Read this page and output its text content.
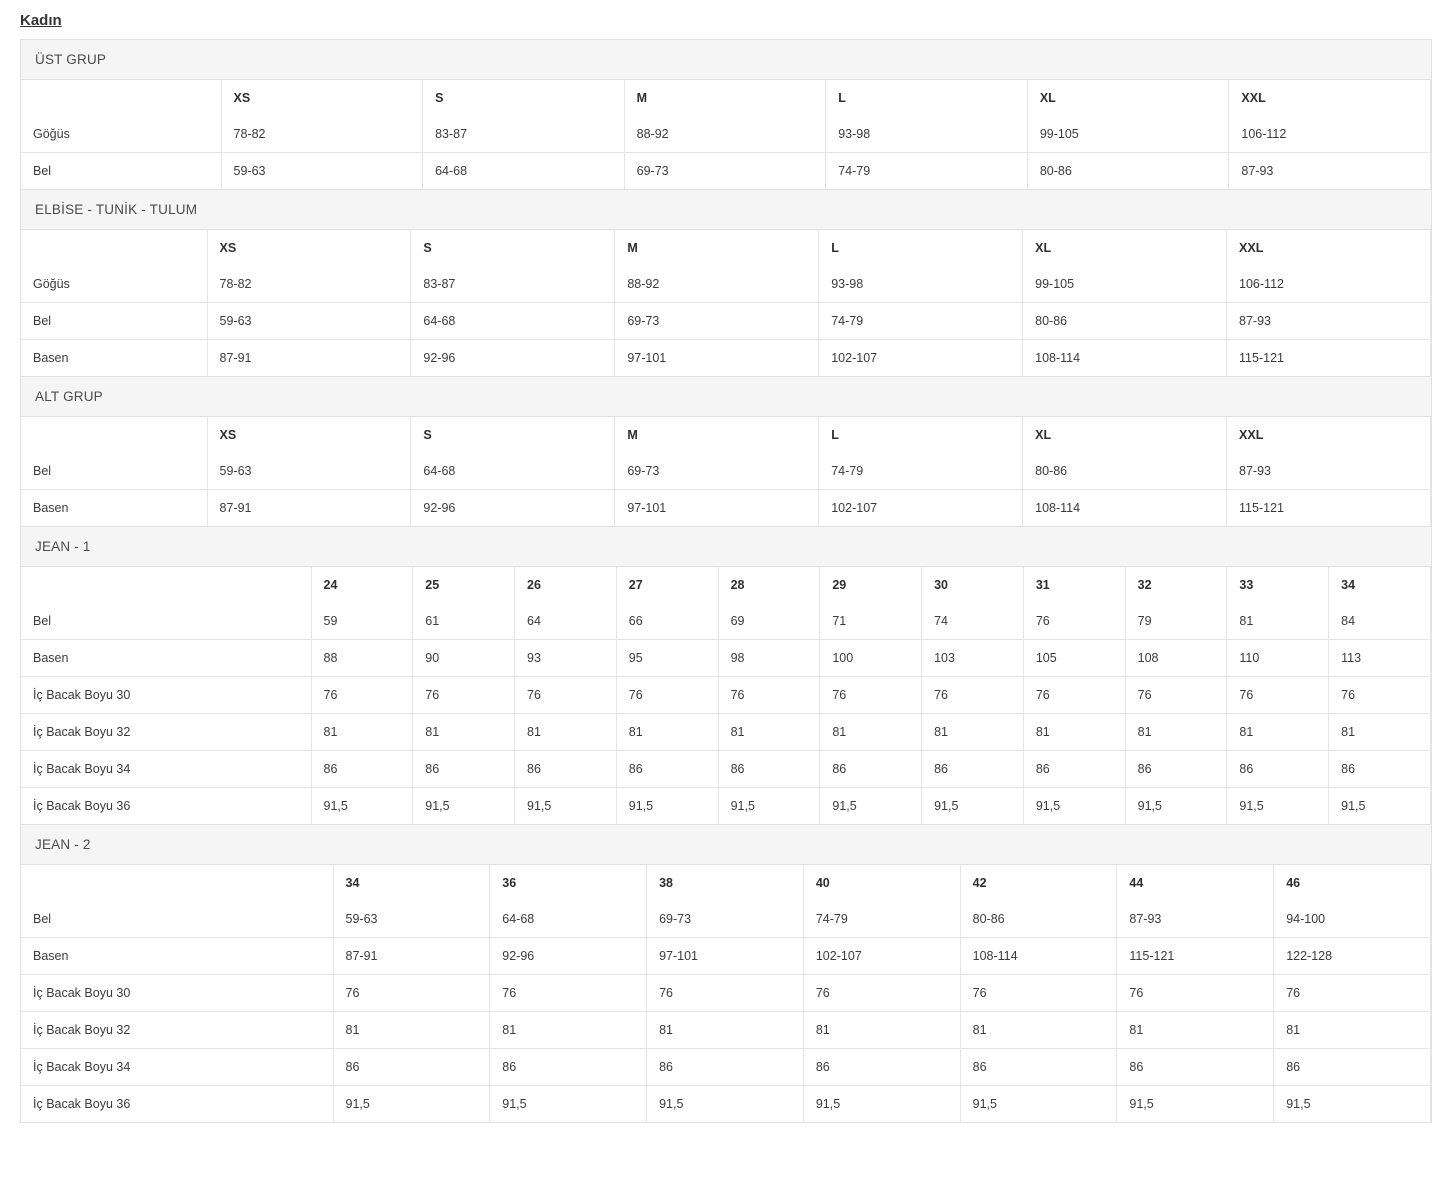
Kadın
ÜST GRUP
	XS	S	M	L	XL	XXL
Göğüs	78-82	83-87	88-92	93-98	99-105	106-112
Bel	59-63	64-68	69-73	74-79	80-86	87-93
ELBİSE - TUNİK - TULUM
	XS	S	M	L	XL	XXL
Göğüs	78-82	83-87	88-92	93-98	99-105	106-112
Bel	59-63	64-68	69-73	74-79	80-86	87-93
Basen	87-91	92-96	97-101	102-107	108-114	115-121
ALT GRUP
	XS	S	M	L	XL	XXL
Bel	59-63	64-68	69-73	74-79	80-86	87-93
Basen	87-91	92-96	97-101	102-107	108-114	115-121
JEAN - 1
	24	25	26	27	28	29	30	31	32	33	34
Bel	59	61	64	66	69	71	74	76	79	81	84
Basen	88	90	93	95	98	100	103	105	108	110	113
İç Bacak Boyu 30	76	76	76	76	76	76	76	76	76	76	76
İç Bacak Boyu 32	81	81	81	81	81	81	81	81	81	81	81
İç Bacak Boyu 34	86	86	86	86	86	86	86	86	86	86	86
İç Bacak Boyu 36	91,5	91,5	91,5	91,5	91,5	91,5	91,5	91,5	91,5	91,5	91,5
JEAN - 2
	34	36	38	40	42	44	46
Bel	59-63	64-68	69-73	74-79	80-86	87-93	94-100
Basen	87-91	92-96	97-101	102-107	108-114	115-121	122-128
İç Bacak Boyu 30	76	76	76	76	76	76	76
İç Bacak Boyu 32	81	81	81	81	81	81	81
İç Bacak Boyu 34	86	86	86	86	86	86	86
İç Bacak Boyu 36	91,5	91,5	91,5	91,5	91,5	91,5	91,5
